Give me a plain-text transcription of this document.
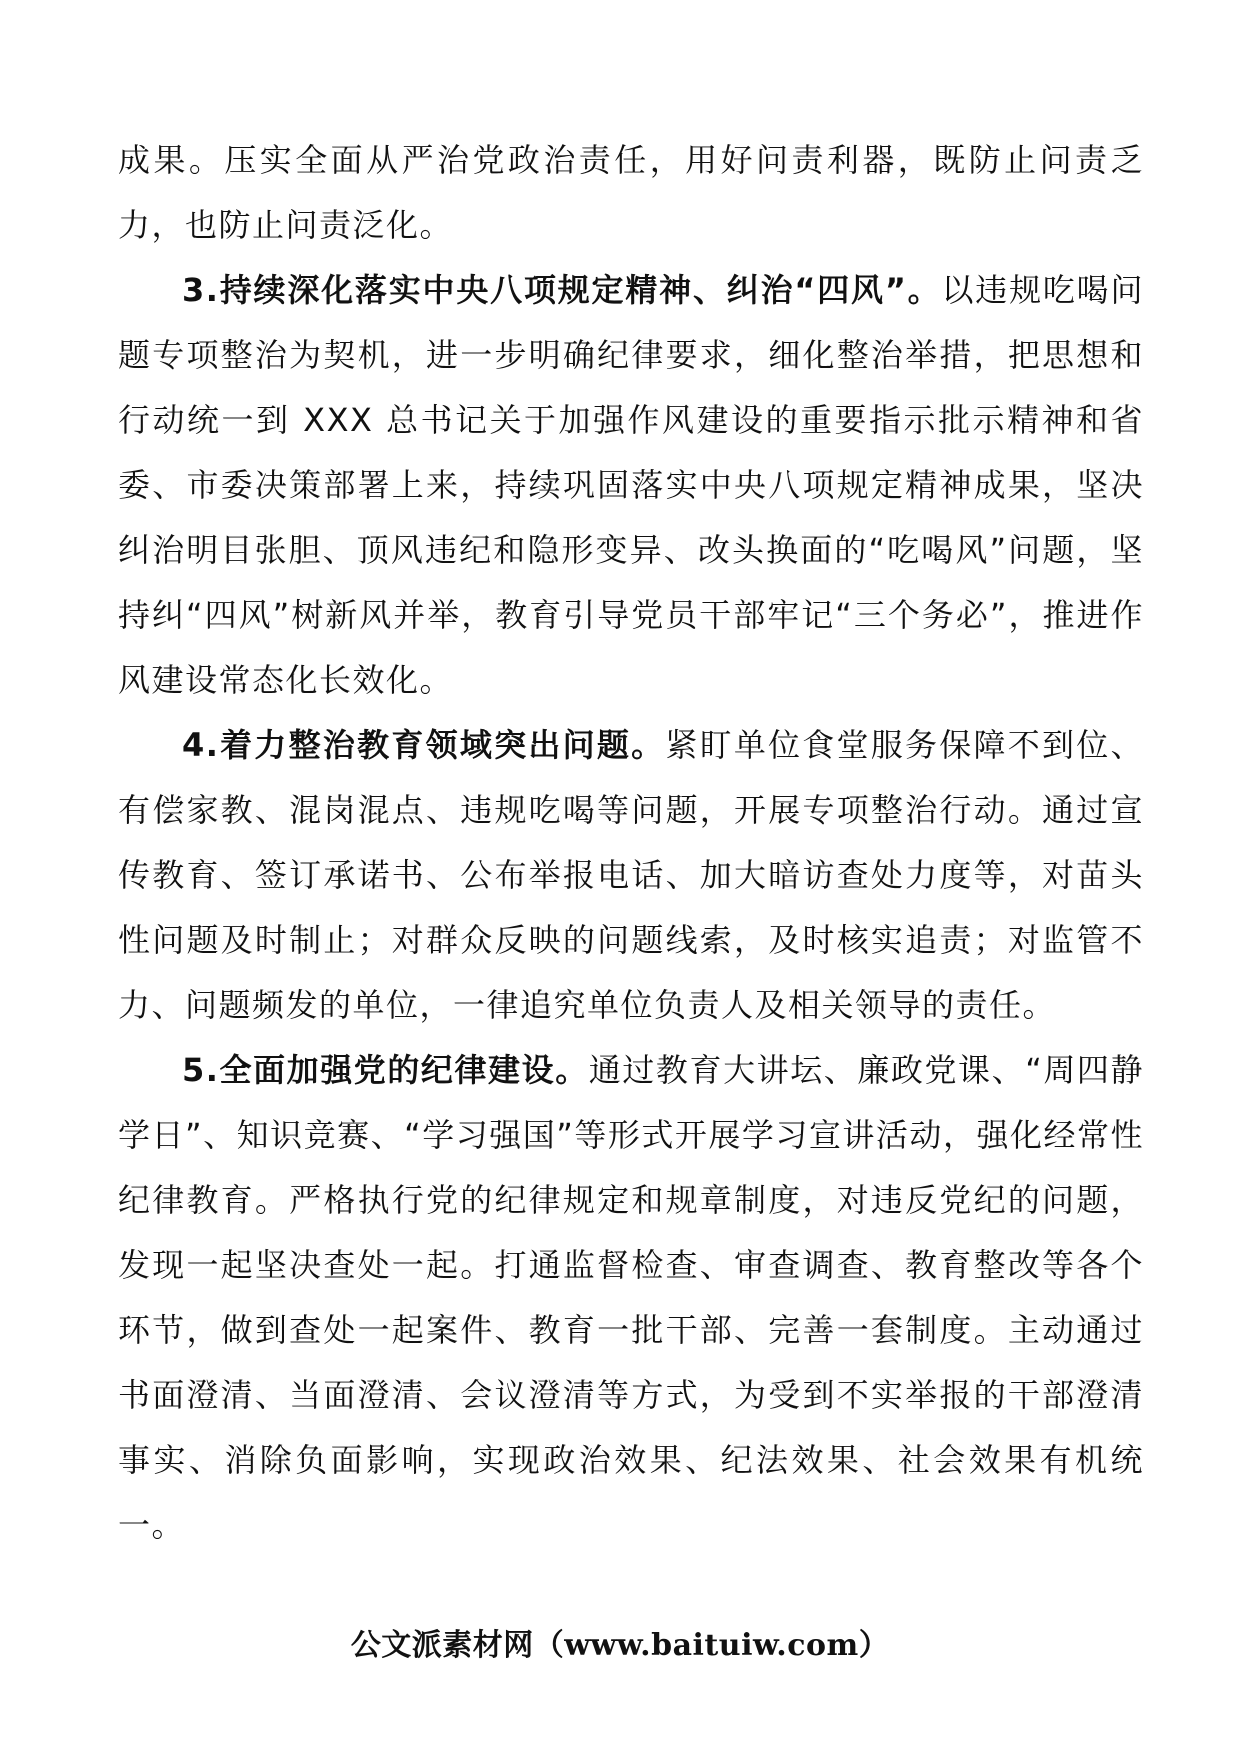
成果。压实全面从严治党政治责任，用好问责利器，既防止问责乏力，也防止问责泛化。

3.持续深化落实中央八项规定精神、纠治“四风”。以违规吃喝问题专项整治为契机，进一步明确纪律要求，细化整治举措，把思想和行动统一到 XXX 总书记关于加强作风建设的重要指示批示精神和省委、市委决策部署上来，持续巩固落实中央八项规定精神成果，坚决纠治明目张胆、顶风违纪和隐形变异、改头换面的“吃喝风”问题，坚持纠“四风”树新风并举，教育引导党员干部牢记“三个务必”，推进作风建设常态化长效化。

4.着力整治教育领域突出问题。紧盯单位食堂服务保障不到位、有偿家教、混岗混点、违规吃喝等问题，开展专项整治行动。通过宣传教育、签订承诺书、公布举报电话、加大暗访查处力度等，对苗头性问题及时制止；对群众反映的问题线索，及时核实追责；对监管不力、问题频发的单位，一律追究单位负责人及相关领导的责任。

5.全面加强党的纪律建设。通过教育大讲坛、廉政党课、“周四静学日”、知识竞赛、“学习强国”等形式开展学习宣讲活动，强化经常性纪律教育。严格执行党的纪律规定和规章制度，对违反党纪的问题，发现一起坚决查处一起。打通监督检查、审查调查、教育整改等各个环节，做到查处一起案件、教育一批干部、完善一套制度。主动通过书面澄清、当面澄清、会议澄清等方式，为受到不实举报的干部澄清事实、消除负面影响，实现政治效果、纪法效果、社会效果有机统一。

公文派素材网（www.baituiw.com）
